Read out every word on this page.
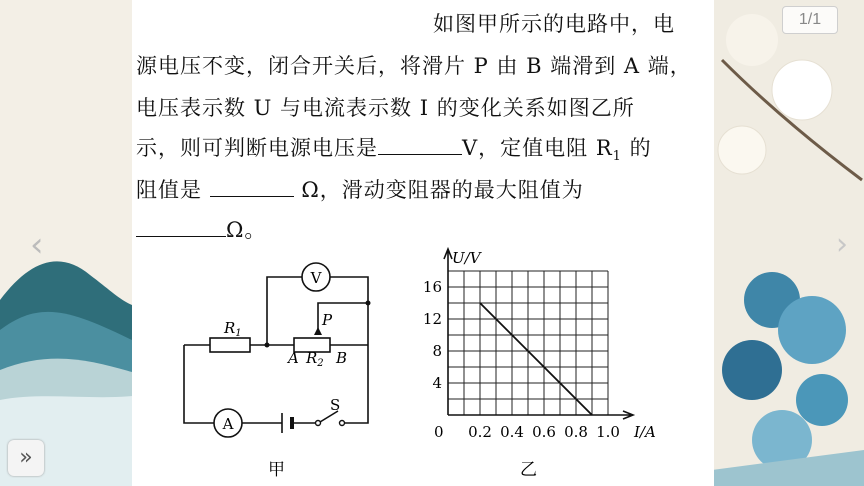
如图甲所示的电路中，电
源电压不变，闭合开关后，将滑片 P 由 B 端滑到 A 端，
电压表示数 U 与电流表示数 I 的变化关系如图乙所
示，则可判断电源电压是	V，定值电阻 $R_1$ 的
阻值是	Ω，滑动变阻器的最大阻值为
Ω。
V
A
S
$R_1$
P
A $R_2$ B
甲
0.2 0.4 0.6 0.8 1.0
4
8
12
16
U/V
I/A
0
乙
1/1
‹	›
»
